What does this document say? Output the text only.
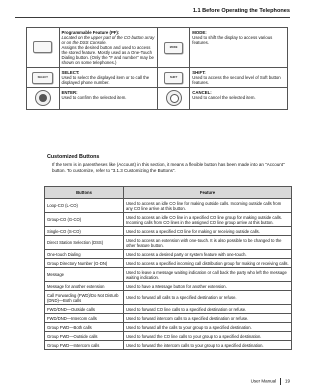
1.1 Before Operating the Telephones
	Programmable Feature (PF):
Located on the upper part of the CO button array or on the DSS Console.
Assigns the desired button and used to access the stored feature. Mostly used as a One-Touch Dialing button. (Only the "F and number" may be shown on some telephones.)	MODE	MODE:
Used to shift the display to access various features.

SELECT	SELECT:
Used to select the displayed item or to call the displayed phone number.	SHIFT	SHIFT:
Used to access the second level of Soft button features.

	ENTER:
Used to confirm the selected item.		CANCEL:
Used to cancel the selected item.
Customized Buttons
If the term is in parentheses like (Account) in this section, it means a flexible button has been made into an "Account" button. To customize, refer to "3.1.3 Customizing the Buttons".
Buttons	Feature
Loop-CO (L-CO)	Used to access an idle CO line for making outside calls. Incoming outside calls from any CO line arrive at this button.
Group-CO (G-CO)	Used to access an idle CO line in a specified CO line group for making outside calls. Incoming calls from CO lines in the assigned CO line group arrive at this button.
Single-CO (S-CO)	Used to access a specified CO line for making or receiving outside calls.
Direct Station Selection (DSS)	Used to access an extension with one-touch. It is also possible to be changed to the other feature button.
One-touch Dialing	Used to access a desired party or system feature with one-touch.
Group Directory Number (G-DN)	Used to access a specified incoming call distribution group for making or receiving calls.
Message	Used to leave a message waiting indication or call back the party who left the message waiting indication.
Message for another extension	Used to have a Message button for another extension.
Call Forwarding (FWD)/Do Not Disturb (DND)—Both calls	Used to forward all calls to a specified destination or refuse.
FWD/DND—Outside calls	Used to forward CO line calls to a specified destination or refuse.
FWD/DND—Intercom calls	Used to forward intercom calls to a specified destination or refuse.
Group FWD—Both calls	Used to forward all the calls to your group to a specified destination.
Group FWD—Outside calls	Used to forward the CO line calls to your group to a specified destination.
Group FWD—Intercom calls	Used to forward the intercom calls to your group to a specified destination.
User Manual 19
